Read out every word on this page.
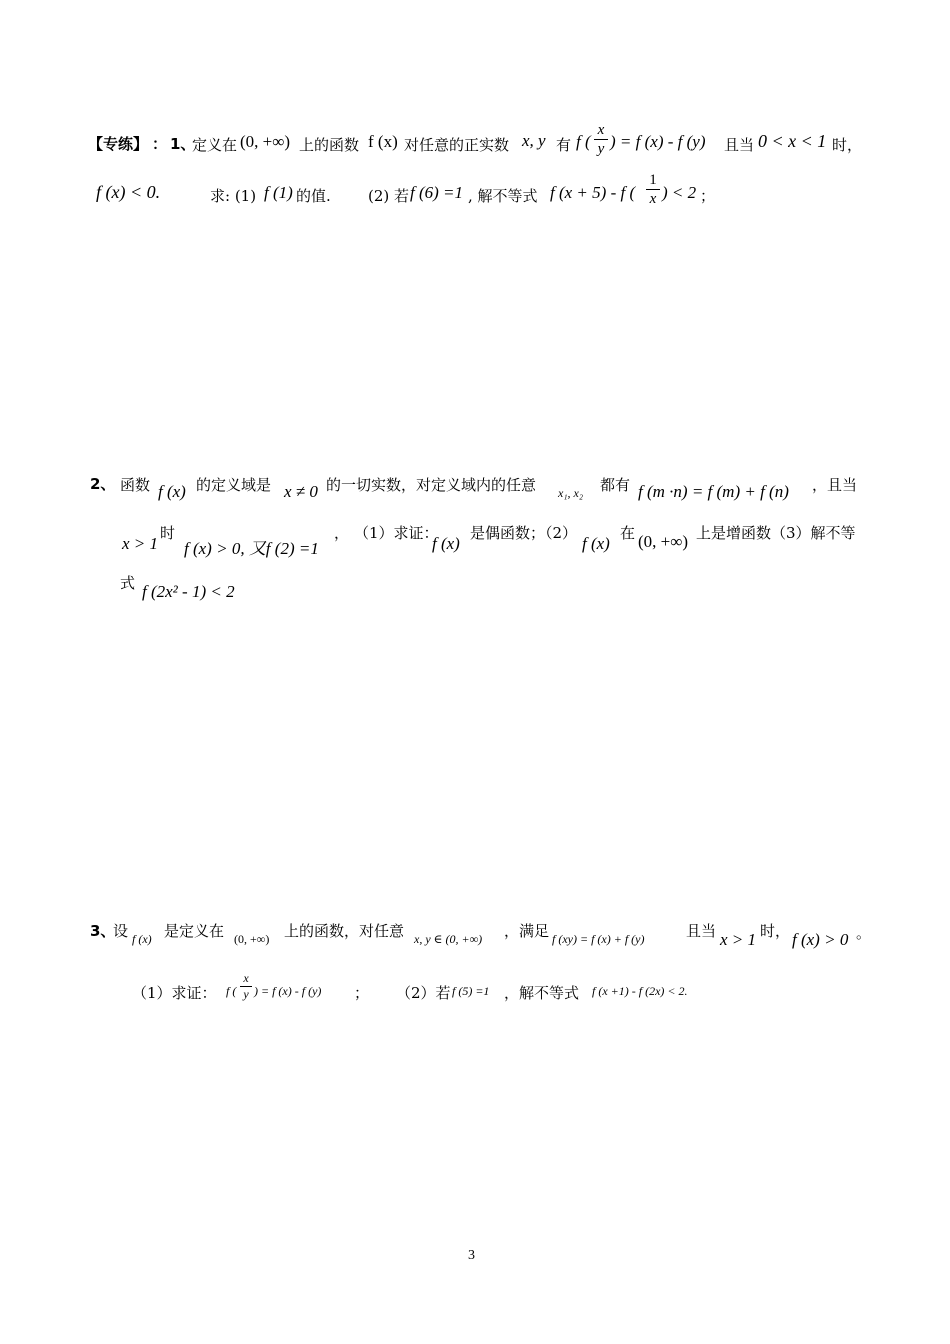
【专练】 ： 1、
定义在 (0, +∞) 上的函数 f (x) 对任意的正实数 x, y 有 f (
x
y ) = f (x) - f (y) 且当 0 < x < 1 时，
f (x) < 0.	求: (1) f (1) 的值. (2) 若 f (6) =1 , 解不等式 f (x + 5) - f (
1
x ) < 2 ；
2、 函数 f (x) 的定义域是 x ≠ 0 的一切实数，对定义域内的任意 x₁, x₂ 都有 f (m ·n) = f (m) + f (n) ，且当
x > 1
时
f (x) > 0, 又f (2) =1
， （1）求证：
f (x)
是偶函数；（2）
f (x)
在 (0, +∞) 上是增函数（3）解不等
式 f (2x² - 1) < 2
3、
设 f (x) 是定义在 (0, +∞) 上的函数，对任意 x, y ∈ (0, +∞) ，满足 f (xy) = f (x) + f (y)	且当 x > 1 时， f (x) > 0 。
（1）求证： f (
x
y ) = f (x) - f (y) ； （2）若 f (5) =1 ，解不等式 f (x +1) - f (2x) < 2.
3
